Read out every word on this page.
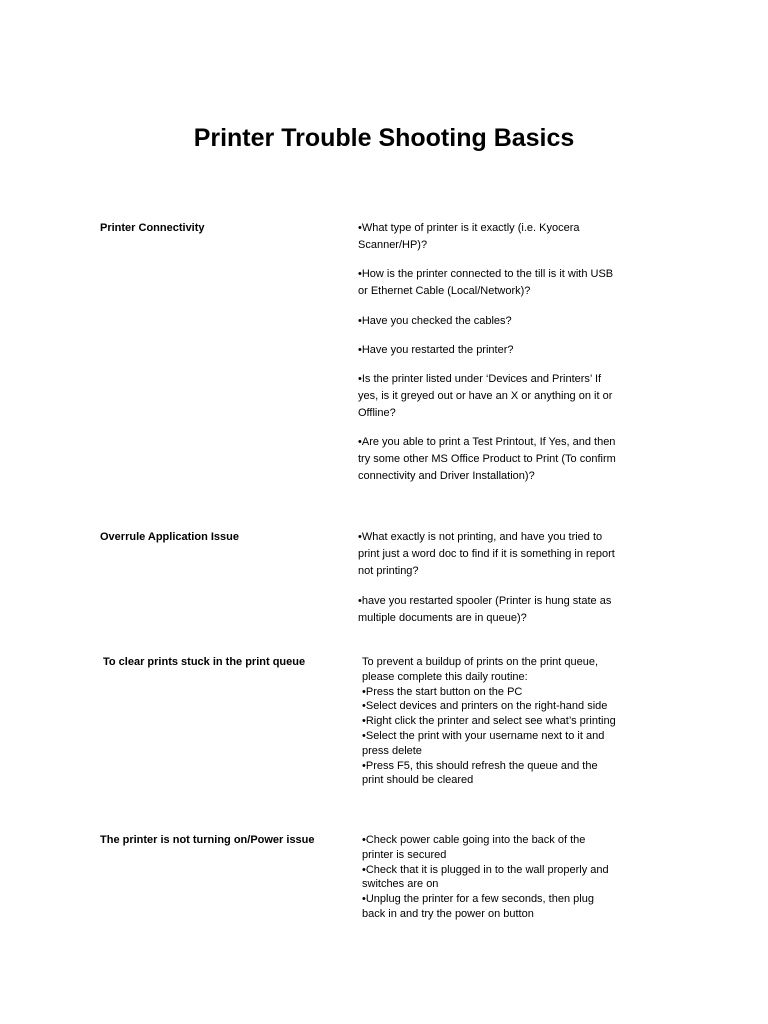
Printer Trouble Shooting Basics
Printer Connectivity	•What type of printer is it exactly (i.e. Kyocera Scanner/HP)?

•How is the printer connected to the till is it with USB or Ethernet Cable (Local/Network)?

•Have you checked the cables?

•Have you restarted the printer?

•Is the printer listed under ‘Devices and Printers’ If yes, is it greyed out or have an X or anything on it or Offline?

•Are you able to print a Test Printout, If Yes, and then try some other MS Office Product to Print (To confirm connectivity and Driver Installation)?

Overrule Application Issue	•What exactly is not printing, and have you tried to print just a word doc to find if it is something in report not printing?

•have you restarted spooler (Printer is hung state as multiple documents are in queue)?

To clear prints stuck in the print queue	To prevent a buildup of prints on the print queue, please complete this daily routine:

•Press the start button on the PC

•Select devices and printers on the right-hand side

•Right click the printer and select see what’s printing

•Select the print with your username next to it and press delete

•Press F5, this should refresh the queue and the print should be cleared

The printer is not turning on/Power issue	•Check power cable going into the back of the printer is secured

•Check that it is plugged in to the wall properly and switches are on

•Unplug the printer for a few seconds, then plug back in and try the power on button
